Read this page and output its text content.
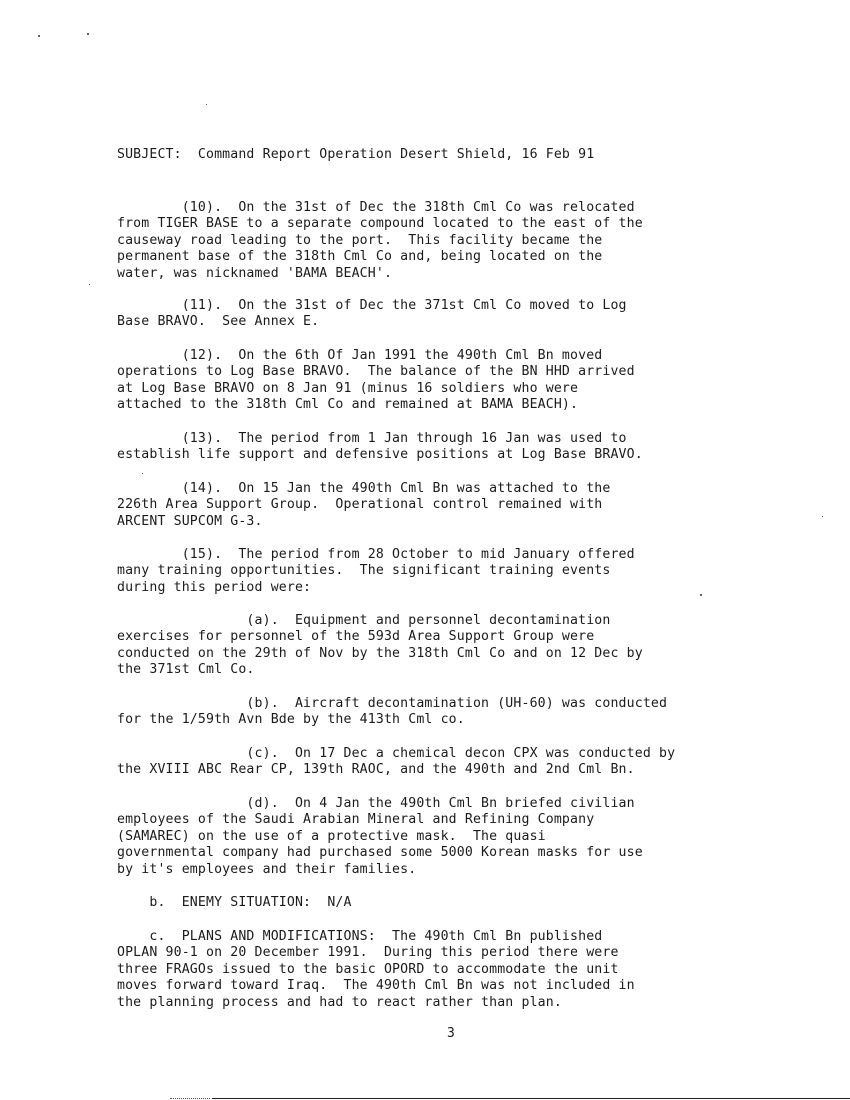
SUBJECT:  Command Report Operation Desert Shield, 16 Feb 91
(10).  On the 31st of Dec the 318th Cml Co was relocated
from TIGER BASE to a separate compound located to the east of the
causeway road leading to the port.  This facility became the
permanent base of the 318th Cml Co and, being located on the
water, was nicknamed 'BAMA BEACH'.
(11).  On the 31st of Dec the 371st Cml Co moved to Log
Base BRAVO.  See Annex E.
(12).  On the 6th Of Jan 1991 the 490th Cml Bn moved
operations to Log Base BRAVO.  The balance of the BN HHD arrived
at Log Base BRAVO on 8 Jan 91 (minus 16 soldiers who were
attached to the 318th Cml Co and remained at BAMA BEACH).
(13).  The period from 1 Jan through 16 Jan was used to
establish life support and defensive positions at Log Base BRAVO.
(14).  On 15 Jan the 490th Cml Bn was attached to the
226th Area Support Group.  Operational control remained with
ARCENT SUPCOM G-3.
(15).  The period from 28 October to mid January offered
many training opportunities.  The significant training events
during this period were:
(a).  Equipment and personnel decontamination
exercises for personnel of the 593d Area Support Group were
conducted on the 29th of Nov by the 318th Cml Co and on 12 Dec by
the 371st Cml Co.
(b).  Aircraft decontamination (UH-60) was conducted
for the 1/59th Avn Bde by the 413th Cml co.
(c).  On 17 Dec a chemical decon CPX was conducted by
the XVIII ABC Rear CP, 139th RAOC, and the 490th and 2nd Cml Bn.
(d).  On 4 Jan the 490th Cml Bn briefed civilian
employees of the Saudi Arabian Mineral and Refining Company
(SAMAREC) on the use of a protective mask.  The quasi
governmental company had purchased some 5000 Korean masks for use
by it's employees and their families.
b.  ENEMY SITUATION:  N/A
c.  PLANS AND MODIFICATIONS:  The 490th Cml Bn published
OPLAN 90-1 on 20 December 1991.  During this period there were
three FRAGOs issued to the basic OPORD to accommodate the unit
moves forward toward Iraq.  The 490th Cml Bn was not included in
the planning process and had to react rather than plan.
3
